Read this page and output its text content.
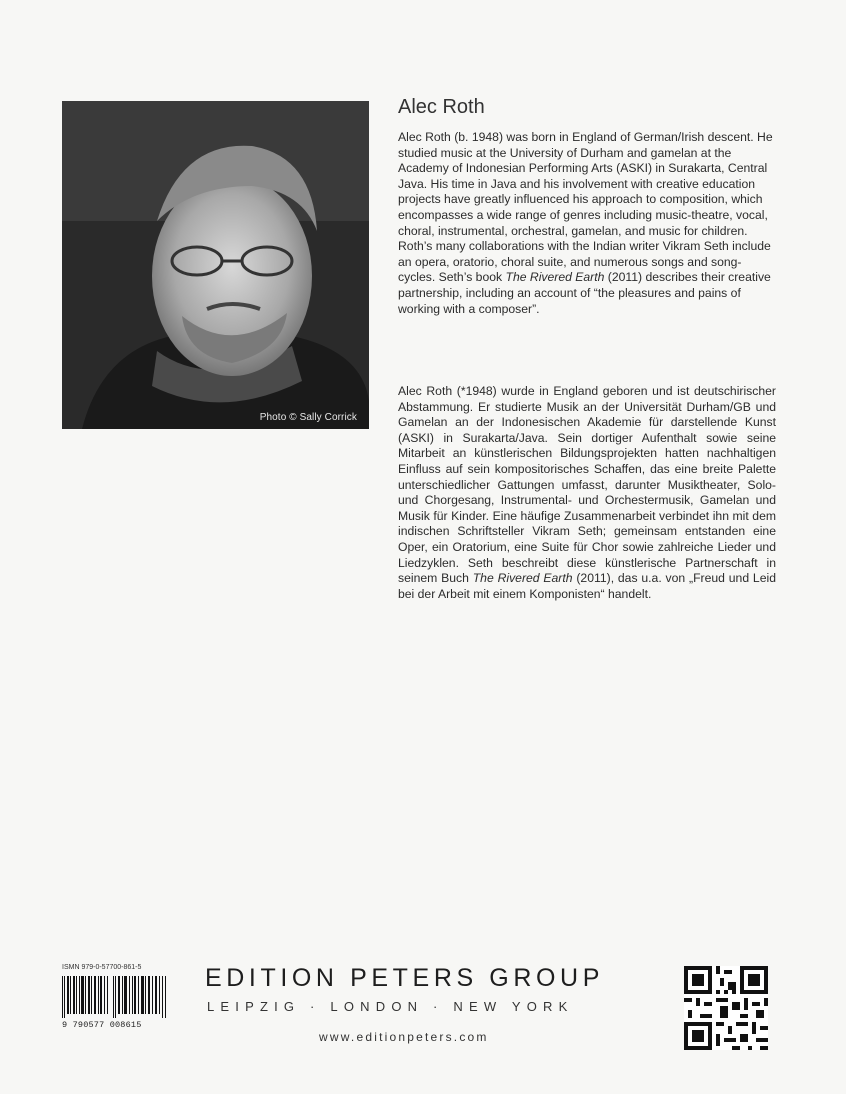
Photo © Sally Corrick
Alec Roth

Alec Roth (b. 1948) was born in England of German/Irish descent. He studied music at the University of Durham and gamelan at the Academy of Indonesian Performing Arts (ASKI) in Surakarta, Central Java. His time in Java and his involvement with creative education projects have greatly influenced his approach to composition, which encompasses a wide range of genres including music-theatre, vocal, choral, instrumental, orchestral, gamelan, and music for children. Roth’s many collaborations with the Indian writer Vikram Seth include an opera, oratorio, choral suite, and numerous songs and song-cycles. Seth’s book The Rivered Earth (2011) describes their creative partnership, including an account of “the pleasures and pains of working with a composer”.

Alec Roth (*1948) wurde in England geboren und ist deutschirischer Abstammung. Er studierte Musik an der Universität Durham/GB und Gamelan an der Indonesischen Akademie für darstellende Kunst (ASKI) in Surakarta/Java. Sein dortiger Aufenthalt sowie seine Mitarbeit an künstlerischen Bildungsprojekten hatten nachhaltigen Einfluss auf sein kompositorisches Schaffen, das eine breite Palette unterschiedlicher Gattungen umfasst, darunter Musiktheater, Solo- und Chorgesang, Instrumental- und Orchestermusik, Gamelan und Musik für Kinder. Eine häufige Zusammenarbeit verbindet ihn mit dem indischen Schriftsteller Vikram Seth; gemeinsam entstanden eine Oper, ein Oratorium, eine Suite für Chor sowie zahlreiche Lieder und Liedzyklen. Seth beschreibt diese künstlerische Partnerschaft in seinem Buch The Rivered Earth (2011), das u.a. von „Freud und Leid bei der Arbeit mit einem Komponisten“ handelt.

ISMN 979-0-57700-861-5
9 790577 008615
EDITION PETERS GROUP
LEIPZIG · LONDON · NEW YORK
www.editionpeters.com
